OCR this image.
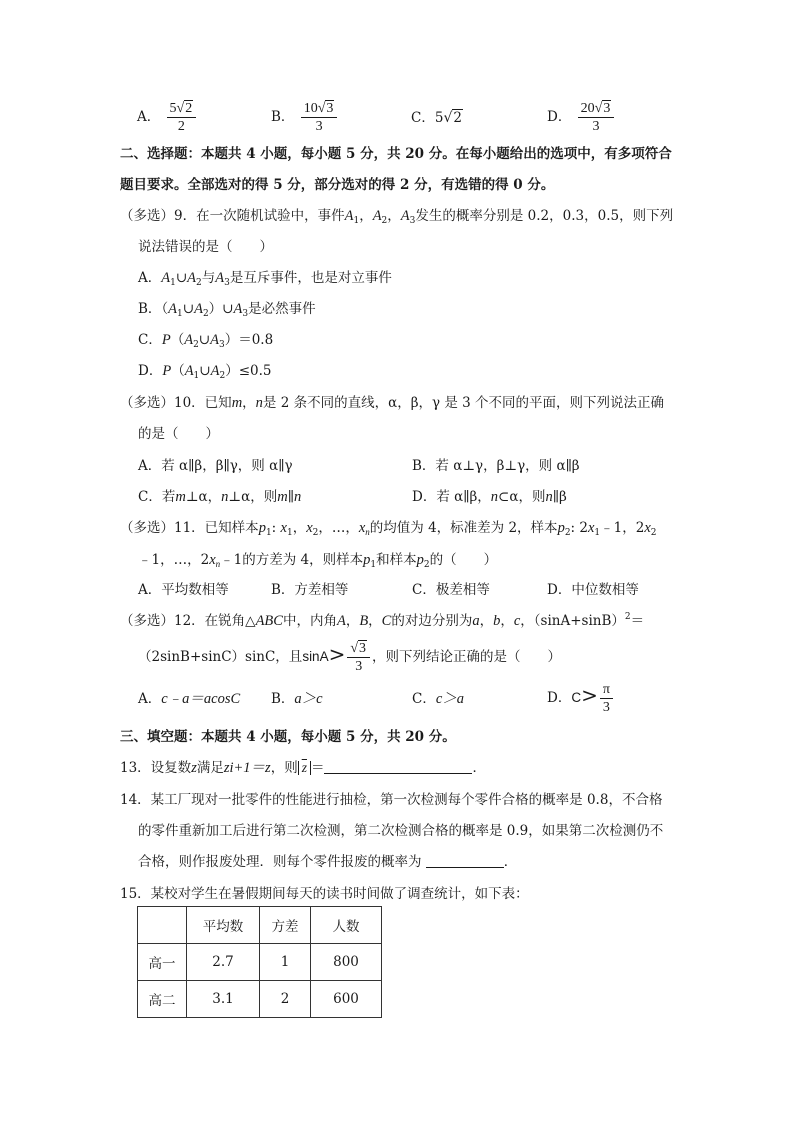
A． $\frac{5√2}{2}$	B． $\frac{10√3}{3}$	C．5√2	D． $\frac{20√3}{3}$
二、选择题：本题共 4 小题，每小题 5 分，共 20 分。在每小题给出的选项中，有多项符合
题目要求。全部选对的得 5 分，部分选对的得 2 分，有选错的得 0 分。
（多选）9．在一次随机试验中，事件$A_1$，$A_2$，$A_3$发生的概率分别是 0.2，0.3，0.5，则下列
说法错误的是（　　）
A．$A_1\cup A_2$与$A_3$是互斥事件，也是对立事件
B．$(A_1\cup A_2)\cup A_3$是必然事件
C．$P(A_2\cup A_3)=0.8$
D．$P(A_1\cup A_2)\le 0.5$
（多选）10．已知m，n是 2 条不同的直线，α，β，γ 是 3 个不同的平面，则下列说法正确
的是（　　）
A．若 α∥β，β∥γ，则 α∥γ	B．若 α⊥γ，β⊥γ，则 α∥β
C．若m⊥α，n⊥α，则m∥n	D．若 α∥β，n⊂α，则n∥β
（多选）11．已知样本$p_1$: $x_1$，$x_2$，…，$x_n$的均值为 4，标准差为 2，样本$p_2$: $2x_1﹣1$，$2x_2$
﹣1，…，$2x_n﹣1$的方差为 4，则样本$p_1$和样本$p_2$的（　　）
A．平均数相等	B．方差相等	C．极差相等	D．中位数相等
（多选）12．在锐角△ABC中，内角A，B，C的对边分别为a，b，c，$(\sin A+\sin B)^2=$
（2sinB+sinC）sinC，且$\sin A> \frac{√3}{3}$ ，则下列结论正确的是（　　）
A．c﹣a＝acosC B．a＞c	C．c＞a	D．$C> \frac{\pi}{3}$
三、填空题：本题共 4 小题，每小题 5 分，共 20 分。
13．设复数z满足zi+1＝z，则 $\overline{z}$ ＝	．
14．某工厂现对一批零件的性能进行抽检，第一次检测每个零件合格的概率是 0.8，不合格
的零件重新加工后进行第二次检测，第二次检测合格的概率是 0.9，如果第二次检测仍不
合格，则作报废处理．则每个零件报废的概率为	．
15．某校对学生在暑假期间每天的读书时间做了调查统计，如下表：
	平均数	方差	人数
高一	2.7	1	800
高二	3.1	2	600
